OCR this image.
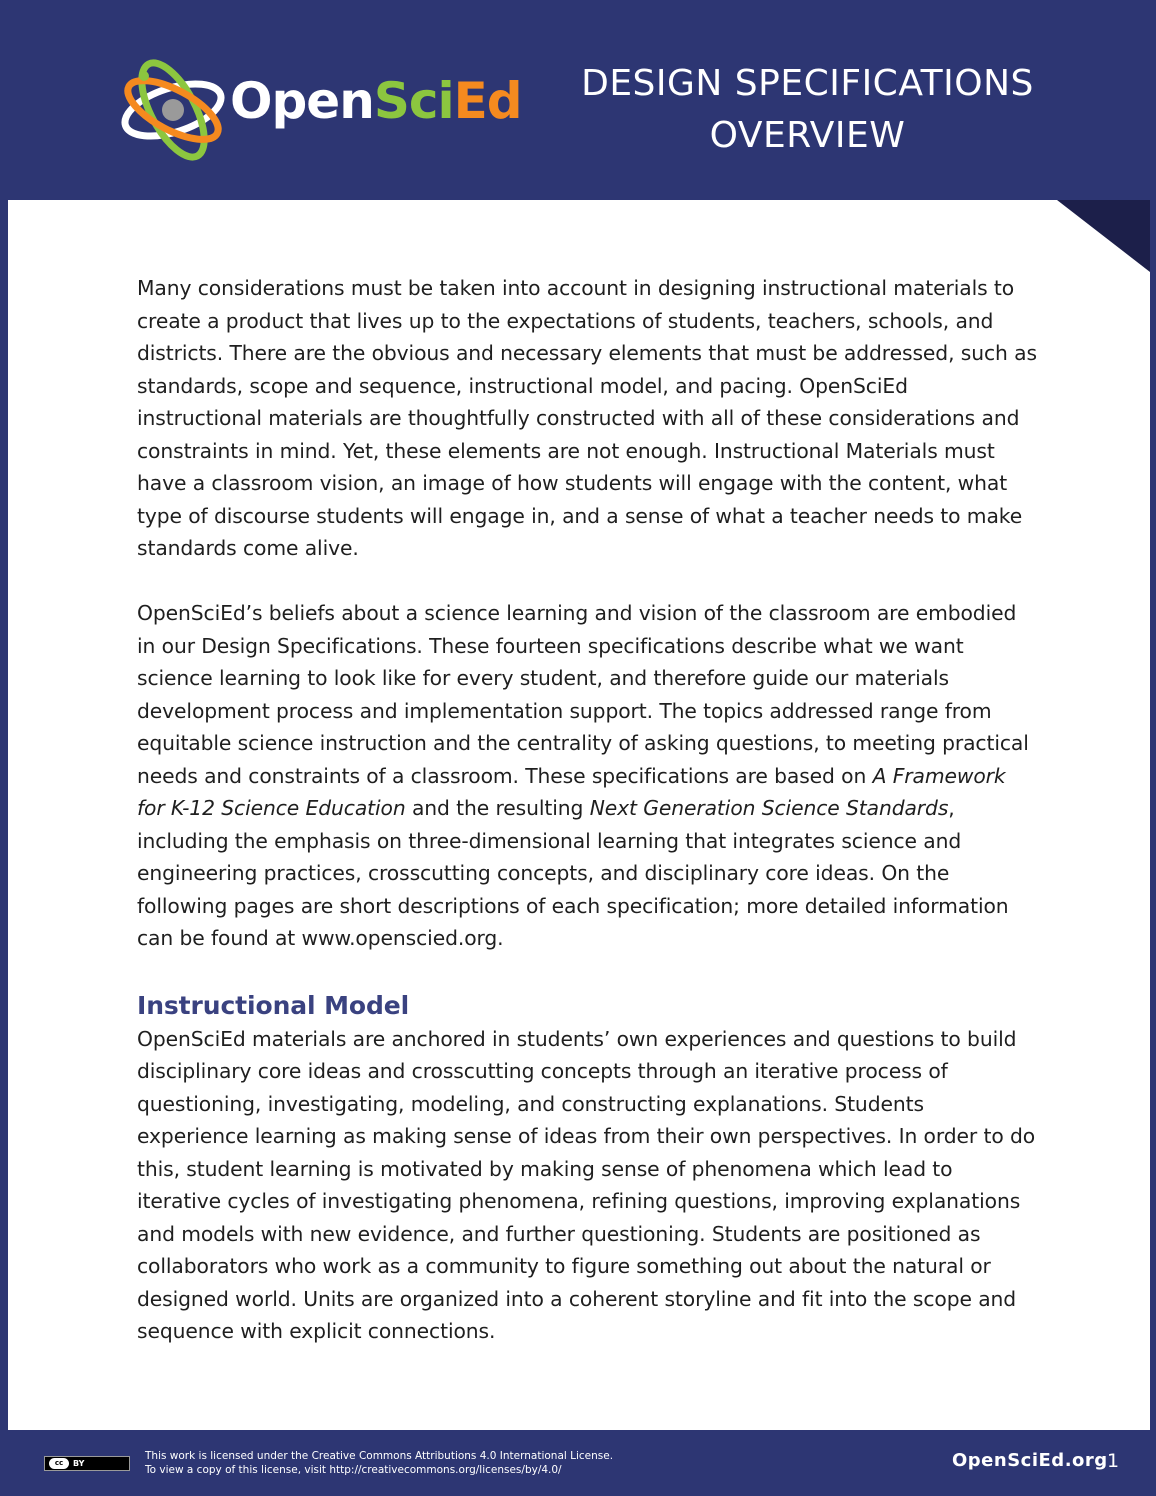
OpenSciEd	DESIGN SPECIFICATIONS
OVERVIEW

Many considerations must be taken into account in designing instructional materials to create a product that lives up to the expectations of students, teachers, schools, and districts. There are the obvious and necessary elements that must be addressed, such as standards, scope and sequence, instructional model, and pacing. OpenSciEd instructional materials are thoughtfully constructed with all of these considerations and constraints in mind. Yet, these elements are not enough. Instructional Materials must have a classroom vision, an image of how students will engage with the content, what type of discourse students will engage in, and a sense of what a teacher needs to make standards come alive.

OpenSciEd’s beliefs about a science learning and vision of the classroom are embodied in our Design Specifications. These fourteen specifications describe what we want science learning to look like for every student, and therefore guide our materials development process and implementation support. The topics addressed range from equitable science instruction and the centrality of asking questions, to meeting practical needs and constraints of a classroom. These specifications are based on A Framework for K-12 Science Education and the resulting Next Generation Science Standards, including the emphasis on three-dimensional learning that integrates science and engineering practices, crosscutting concepts, and disciplinary core ideas. On the following pages are short descriptions of each specification; more detailed information can be found at www.openscied.org.

Instructional Model

OpenSciEd materials are anchored in students’ own experiences and questions to build disciplinary core ideas and crosscutting concepts through an iterative process of questioning, investigating, modeling, and constructing explanations. Students experience learning as making sense of ideas from their own perspectives. In order to do this, student learning is motivated by making sense of phenomena which lead to iterative cycles of investigating phenomena, refining questions, improving explanations and models with new evidence, and further questioning. Students are positioned as collaborators who work as a community to figure something out about the natural or designed world. Units are organized into a coherent storyline and fit into the scope and sequence with explicit connections.

cc	BY
This work is licensed under the Creative Commons Attributions 4.0 International License.
To view a copy of this license, visit http://creativecommons.org/licenses/by/4.0/	OpenSciEd.org 1
